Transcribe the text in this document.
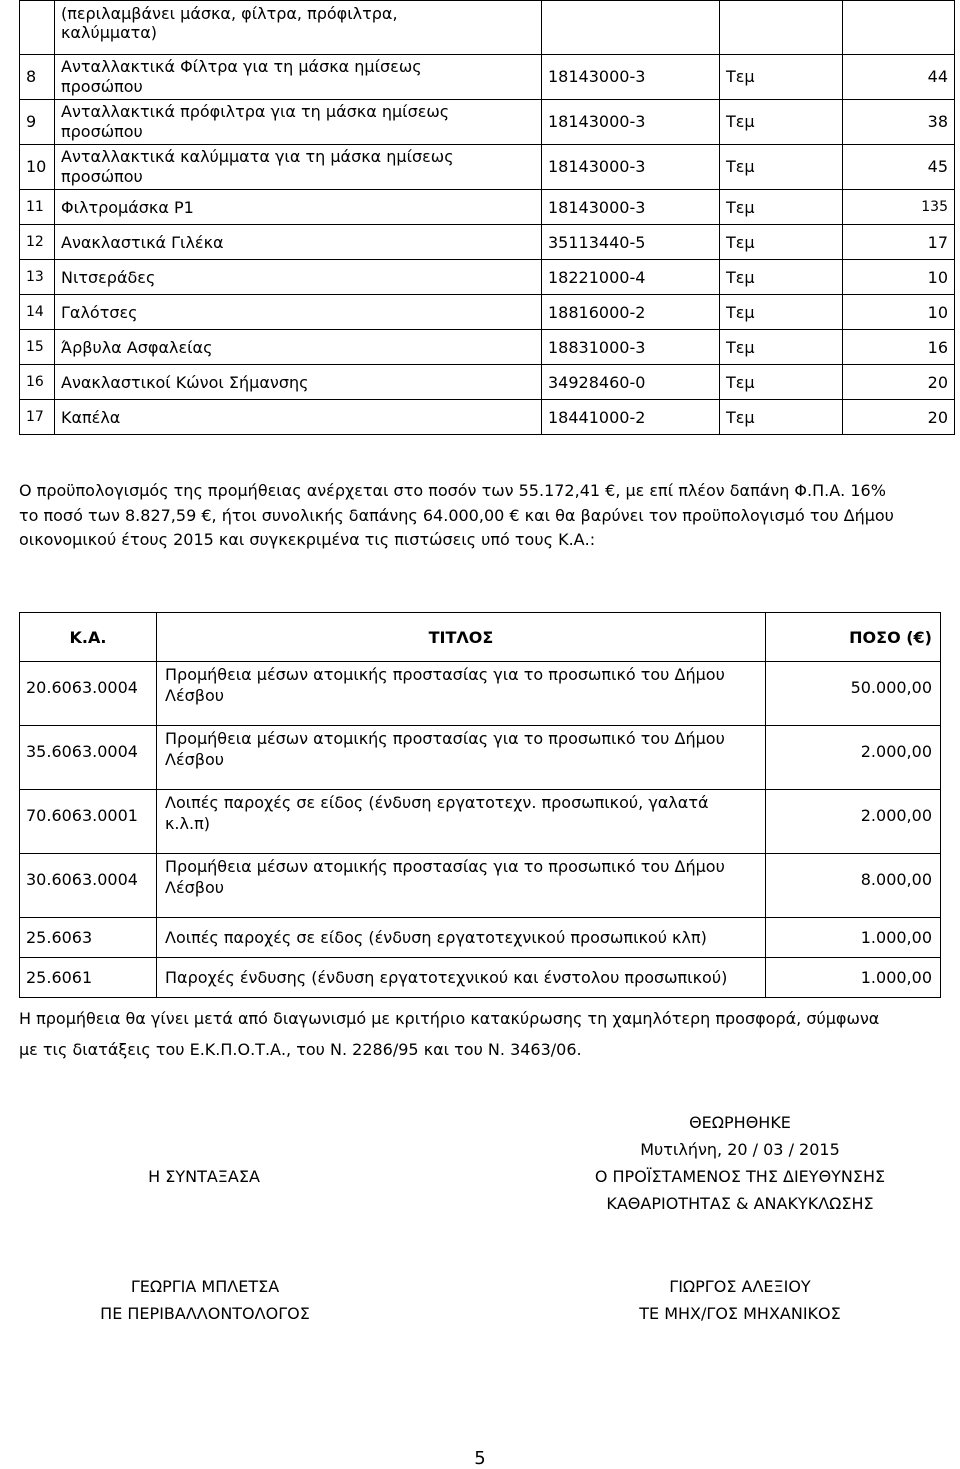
	(περιλαμβάνει μάσκα, φίλτρα, πρόφιλτρα,
καλύμματα)			
8	Ανταλλακτικά Φίλτρα για τη μάσκα ημίσεως
προσώπου	18143000-3	Τεμ	44
9	Ανταλλακτικά πρόφιλτρα για τη μάσκα ημίσεως
προσώπου	18143000-3	Τεμ	38
10	Ανταλλακτικά καλύμματα για τη μάσκα ημίσεως
προσώπου	18143000-3	Τεμ	45
11	Φιλτρομάσκα P1	18143000-3	Τεμ	135
12	Ανακλαστικά Γιλέκα	35113440-5	Τεμ	17
13	Νιτσεράδες	18221000-4	Τεμ	10
14	Γαλότσες	18816000-2	Τεμ	10
15	Άρβυλα Ασφαλείας	18831000-3	Τεμ	16
16	Ανακλαστικοί Κώνοι Σήμανσης	34928460-0	Τεμ	20
17	Καπέλα	18441000-2	Τεμ	20

Ο προϋπολογισμός της προμήθειας ανέρχεται στο ποσόν των 55.172,41 €, με επί πλέον δαπάνη Φ.Π.Α. 16%
το ποσό των 8.827,59 €, ήτοι συνολικής δαπάνης 64.000,00 € και θα βαρύνει τον προϋπολογισμό του Δήμου
οικονομικού έτους 2015 και συγκεκριμένα τις πιστώσεις υπό τους Κ.Α.:

Κ.Α.	ΤΙΤΛΟΣ	ΠΟΣΟ (€)
20.6063.0004	Προμήθεια μέσων ατομικής προστασίας για το προσωπικό του Δήμου
Λέσβου	50.000,00
35.6063.0004	Προμήθεια μέσων ατομικής προστασίας για το προσωπικό του Δήμου
Λέσβου	2.000,00
70.6063.0001	Λοιπές παροχές σε είδος (ένδυση εργατοτεχν. προσωπικού, γαλατά
κ.λ.π)	2.000,00
30.6063.0004	Προμήθεια μέσων ατομικής προστασίας για το προσωπικό του Δήμου
Λέσβου	8.000,00
25.6063	Λοιπές παροχές σε είδος (ένδυση εργατοτεχνικού προσωπικού κλπ)	1.000,00
25.6061	Παροχές ένδυσης (ένδυση εργατοτεχνικού και ένστολου προσωπικού)	1.000,00

Η προμήθεια θα γίνει μετά από διαγωνισμό με κριτήριο κατακύρωσης τη χαμηλότερη προσφορά, σύμφωνα
με τις διατάξεις του Ε.Κ.Π.Ο.Τ.Α., του Ν. 2286/95 και του Ν. 3463/06.

ΘΕΩΡΗΘΗΚΕ
Μυτιλήνη, 20 / 03 / 2015
Ο ΠΡΟΪΣΤΑΜΕΝΟΣ ΤΗΣ ΔΙΕΥΘΥΝΣΗΣ
ΚΑΘΑΡΙΟΤΗΤΑΣ & ΑΝΑΚΥΚΛΩΣΗΣ
Η ΣΥΝΤΑΞΑΣΑ
ΓΕΩΡΓΙΑ ΜΠΛΕΤΣΑ
ΠΕ ΠΕΡΙΒΑΛΛΟΝΤΟΛΟΓΟΣ
ΓΙΩΡΓΟΣ ΑΛΕΞΙΟΥ
ΤΕ ΜΗΧ/ΓΟΣ ΜΗΧΑΝΙΚΟΣ
5
